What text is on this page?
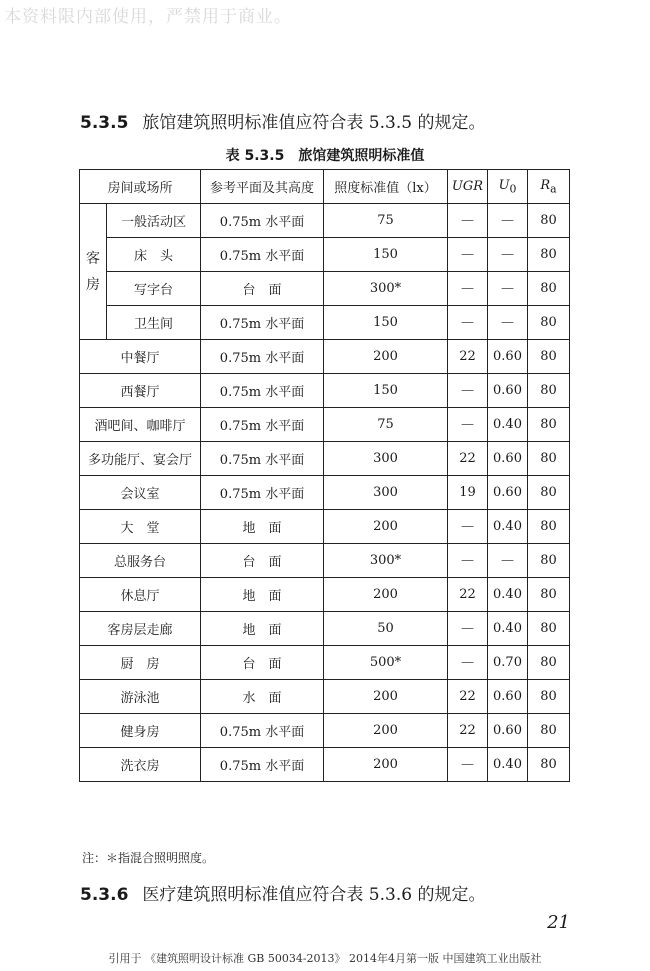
本资料限内部使用，严禁用于商业。
5.3.5 旅馆建筑照明标准值应符合表 5.3.5 的规定。
表 5.3.5　旅馆建筑照明标准值
房间或场所		参考平面及其高度	照度标准值（lx）	UGR	$U_0$	$R_a$

客
房	一般活动区	0.75m 水平面	75	—	—	80
	床　头	0.75m 水平面	150	—	—	80
	写字台	台　面	300*	—	—	80
	卫生间	0.75m 水平面	150	—	—	80
中餐厅		0.75m 水平面	200	22	0.60	80
西餐厅		0.75m 水平面	150	—	0.60	80
酒吧间、咖啡厅		0.75m 水平面	75	—	0.40	80
多功能厅、宴会厅		0.75m 水平面	300	22	0.60	80
会议室		0.75m 水平面	300	19	0.60	80
大　堂		地　面	200	—	0.40	80
总服务台		台　面	300*	—	—	80
休息厅		地　面	200	22	0.40	80
客房层走廊		地　面	50	—	0.40	80
厨　房		台　面	500*	—	0.70	80
游泳池		水　面	200	22	0.60	80
健身房		0.75m 水平面	200	22	0.60	80
洗衣房		0.75m 水平面	200	—	0.40	80
注：＊指混合照明照度。
5.3.6 医疗建筑照明标准值应符合表 5.3.6 的规定。
21
引用于 《建筑照明设计标准 GB 50034-2013》 2014年4月第一版 中国建筑工业出版社
